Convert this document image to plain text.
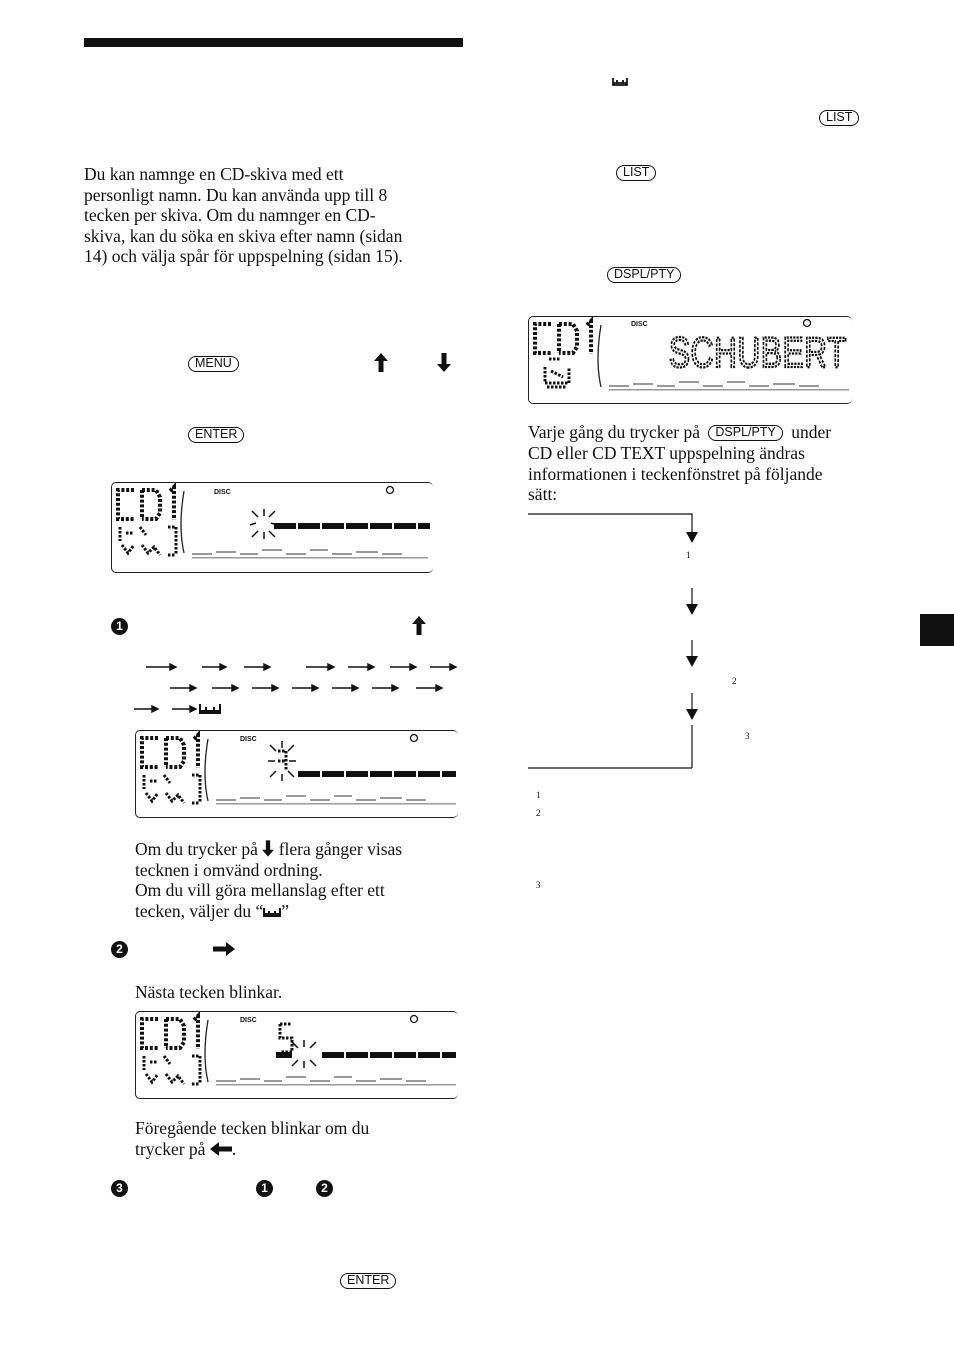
Du kan namnge en CD-skiva med ett
personligt namn. Du kan använda upp till 8
tecken per skiva. Om du namnger en CD-
skiva, kan du söka en skiva efter namn (sidan
14) och välja spår för uppspelning (sidan 15).
MENU
ENTER
DISC
1
DISC
Om du trycker på flera gånger visas
tecknen i omvänd ordning.
Om du vill göra mellanslag efter ett
tecken, väljer du “ ”
2
Nästa tecken blinkar.
DISC
Föregående tecken blinkar om du
trycker på .
3	1	2
ENTER
LIST
LIST
DSPL/PTY
DISC
SCHUBERT
Varje gång du trycker på DSPL/PTY under
CD eller CD TEXT uppspelning ändras
informationen i teckenfönstret på följande
sätt:
1
2
3
1
2
3
